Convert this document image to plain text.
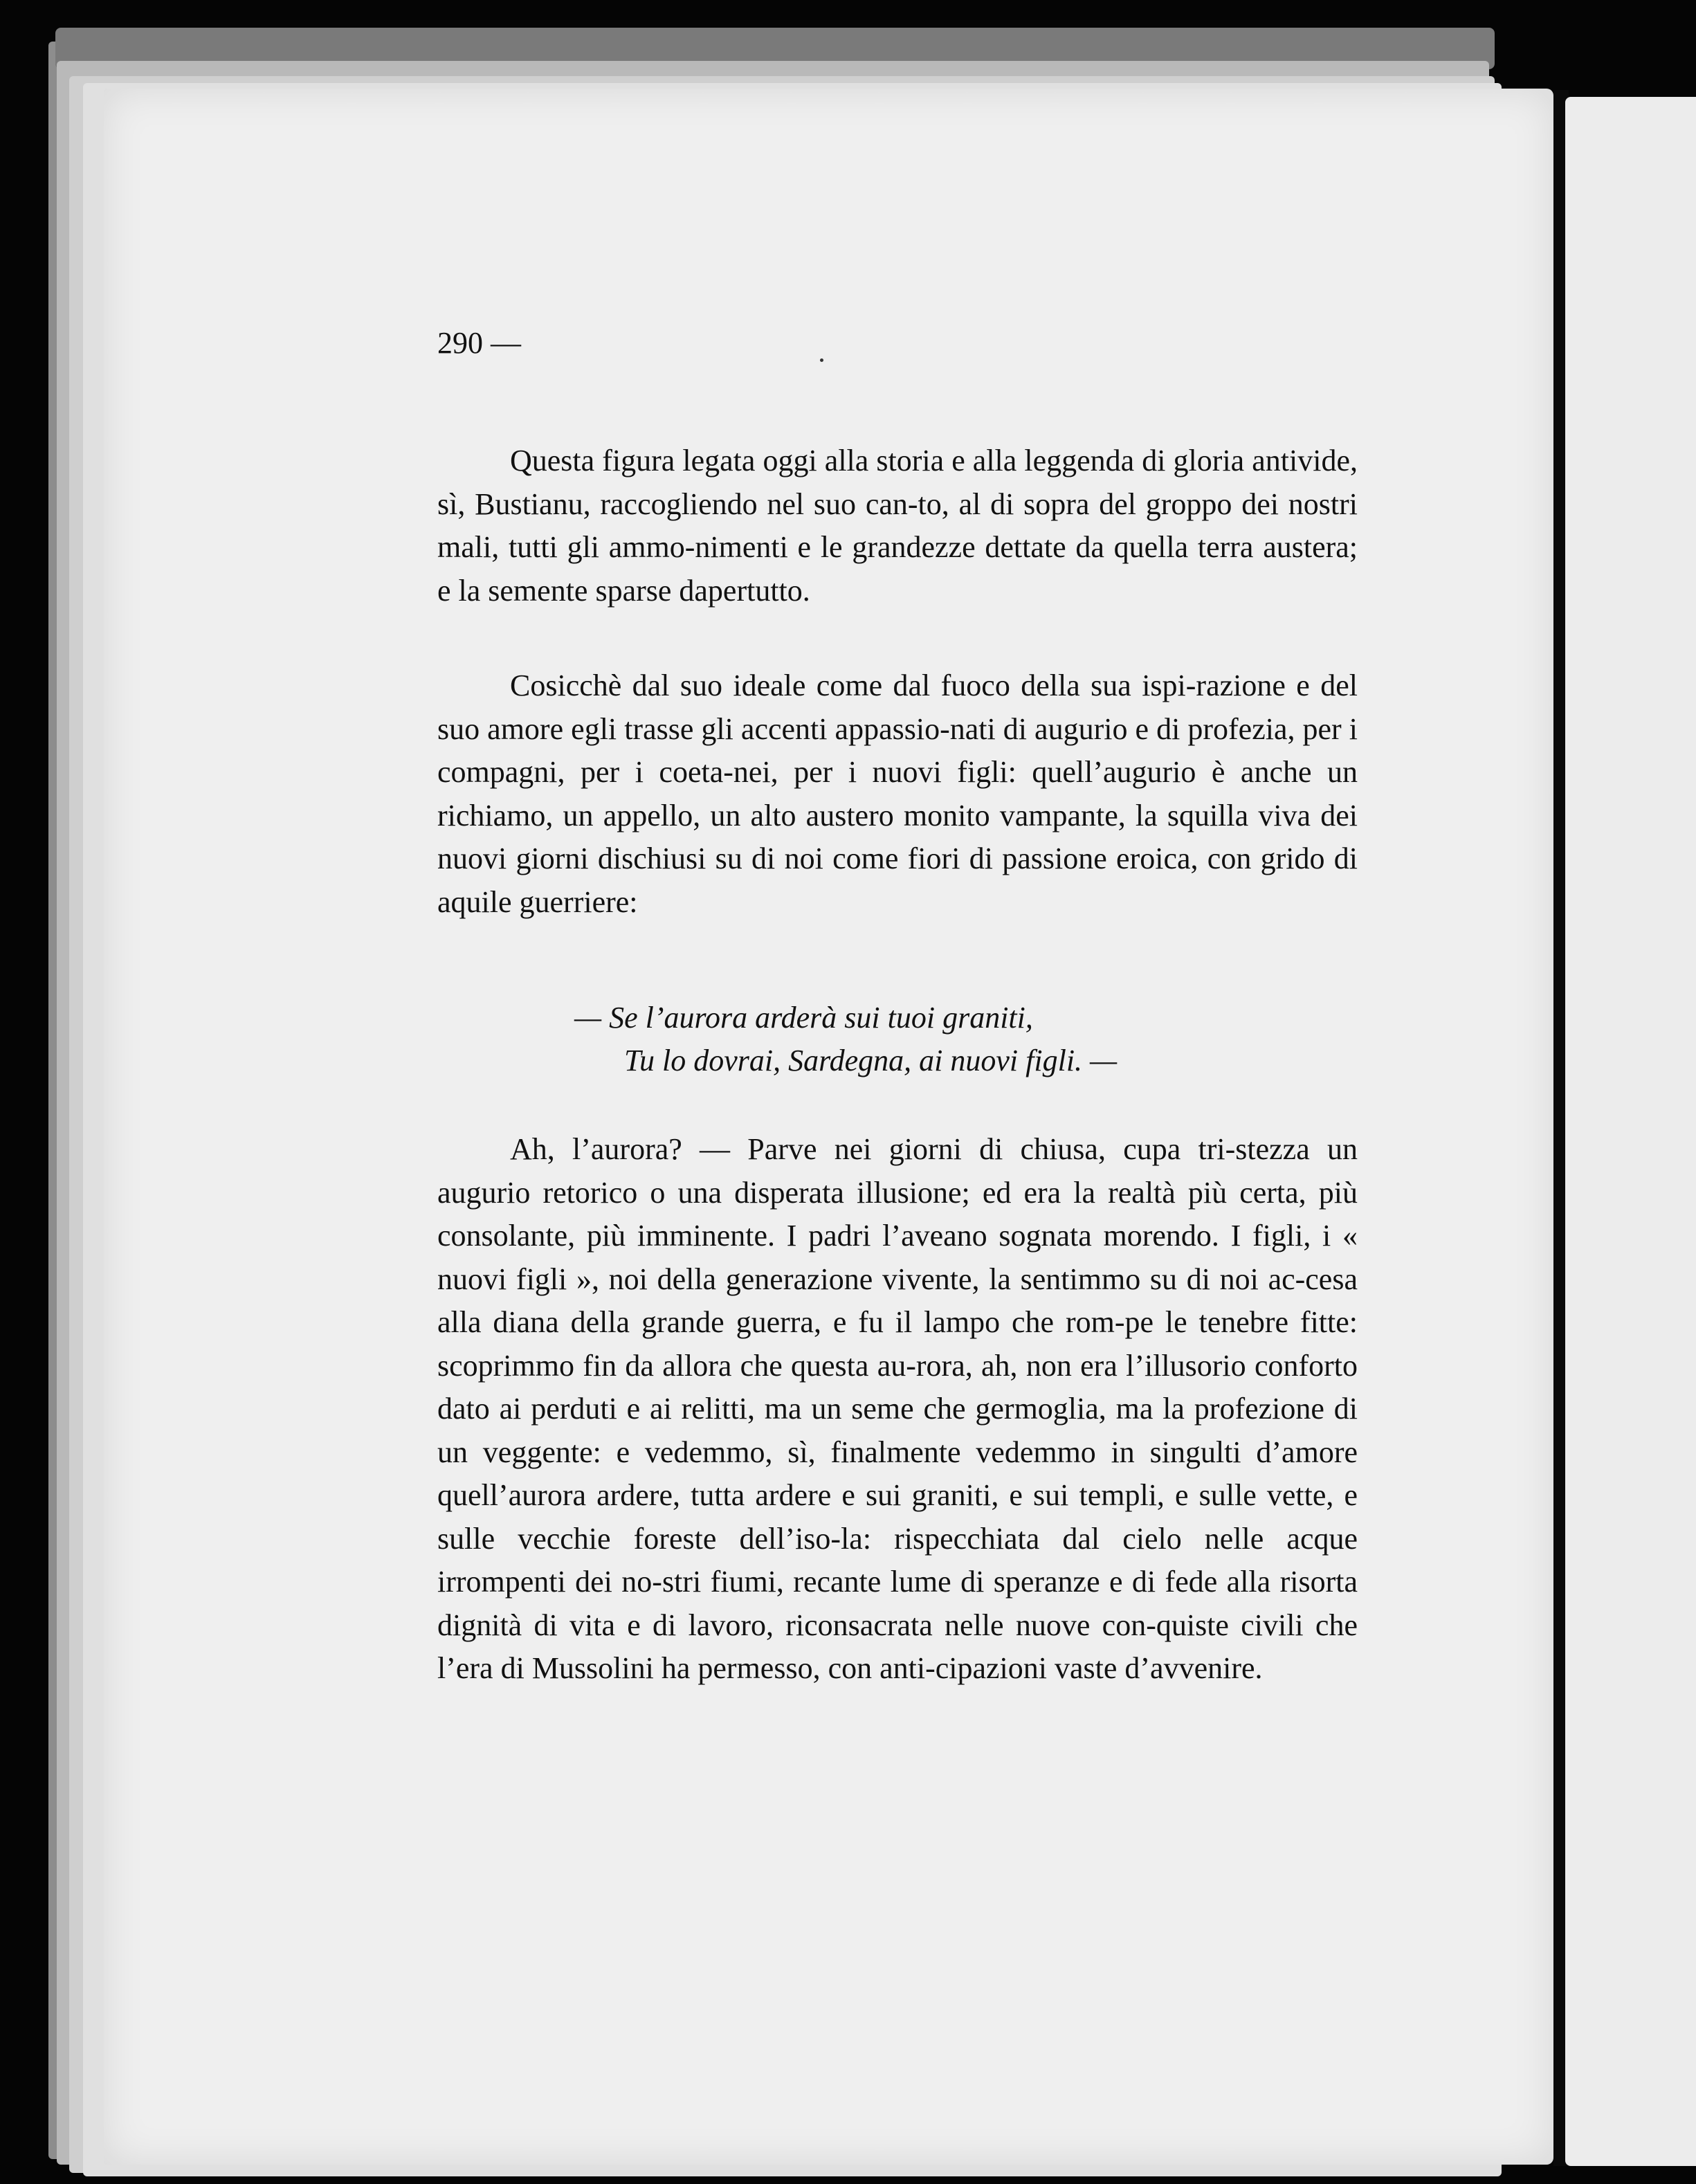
290 —

Questa figura legata oggi alla storia e alla leggenda di gloria antivide, sì, Bustianu, raccogliendo nel suo can-to, al di sopra del groppo dei nostri mali, tutti gli ammo-nimenti e le grandezze dettate da quella terra austera; e la semente sparse dapertutto.

Cosicchè dal suo ideale come dal fuoco della sua ispi-razione e del suo amore egli trasse gli accenti appassio-nati di augurio e di profezia, per i compagni, per i coeta-nei, per i nuovi figli: quell’augurio è anche un richiamo, un appello, un alto austero monito vampante, la squilla viva dei nuovi giorni dischiusi su di noi come fiori di passione eroica, con grido di aquile guerriere:

— Se l’aurora arderà sui tuoi graniti,
Tu lo dovrai, Sardegna, ai nuovi figli. —

Ah, l’aurora? — Parve nei giorni di chiusa, cupa tri-stezza un augurio retorico o una disperata illusione; ed era la realtà più certa, più consolante, più imminente. I padri l’aveano sognata morendo. I figli, i « nuovi figli », noi della generazione vivente, la sentimmo su di noi ac-cesa alla diana della grande guerra, e fu il lampo che rom-pe le tenebre fitte: scoprimmo fin da allora che questa au-rora, ah, non era l’illusorio conforto dato ai perduti e ai relitti, ma un seme che germoglia, ma la profezione di un veggente: e vedemmo, sì, finalmente vedemmo in singulti d’amore quell’aurora ardere, tutta ardere e sui graniti, e sui templi, e sulle vette, e sulle vecchie foreste dell’iso-la: rispecchiata dal cielo nelle acque irrompenti dei no-stri fiumi, recante lume di speranze e di fede alla risorta dignità di vita e di lavoro, riconsacrata nelle nuove con-quiste civili che l’era di Mussolini ha permesso, con anti-cipazioni vaste d’avvenire.
